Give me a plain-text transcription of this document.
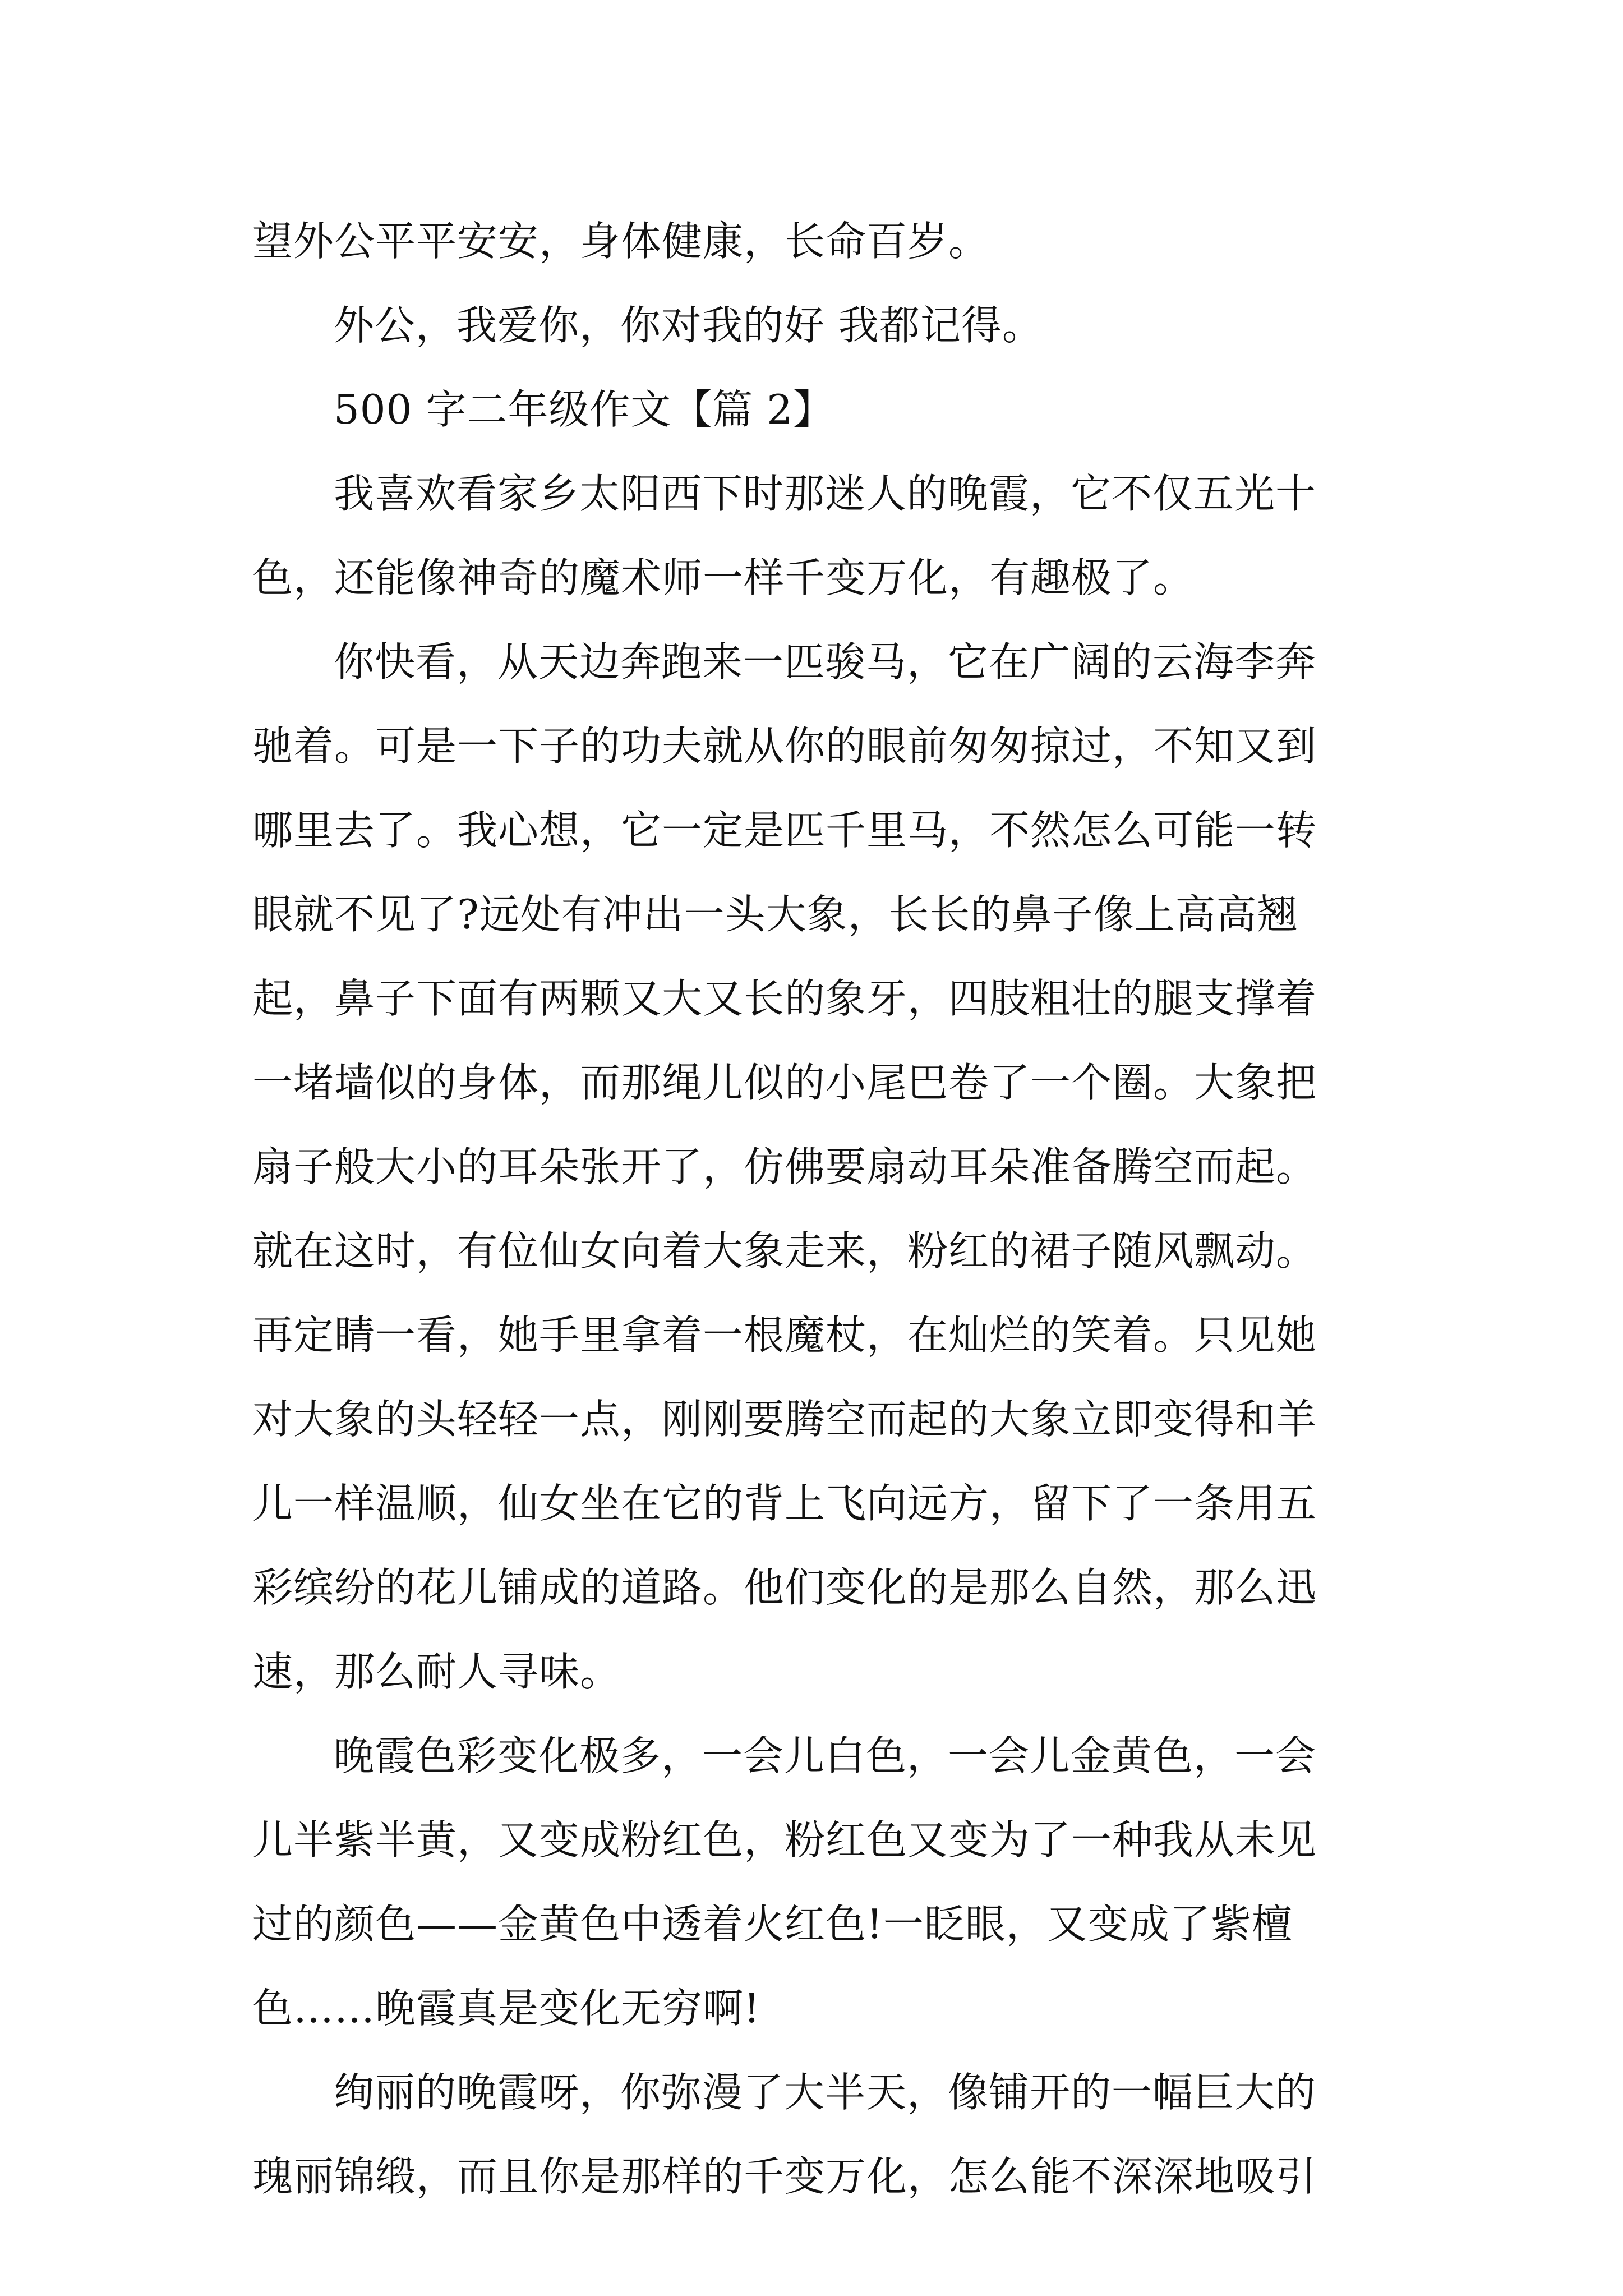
望外公平平安安，身体健康，长命百岁。
外公，我爱你，你对我的好 我都记得。
500 字二年级作文【篇 2】
我喜欢看家乡太阳西下时那迷人的晚霞，它不仅五光十
色，还能像神奇的魔术师一样千变万化，有趣极了。
你快看，从天边奔跑来一匹骏马，它在广阔的云海李奔
驰着。可是一下子的功夫就从你的眼前匆匆掠过，不知又到
哪里去了。我心想，它一定是匹千里马，不然怎么可能一转
眼就不见了?远处有冲出一头大象，长长的鼻子像上高高翘
起，鼻子下面有两颗又大又长的象牙，四肢粗壮的腿支撑着
一堵墙似的身体，而那绳儿似的小尾巴卷了一个圈。大象把
扇子般大小的耳朵张开了，仿佛要扇动耳朵准备腾空而起。
就在这时，有位仙女向着大象走来，粉红的裙子随风飘动。
再定睛一看，她手里拿着一根魔杖，在灿烂的笑着。只见她
对大象的头轻轻一点，刚刚要腾空而起的大象立即变得和羊
儿一样温顺，仙女坐在它的背上飞向远方，留下了一条用五
彩缤纷的花儿铺成的道路。他们变化的是那么自然，那么迅
速，那么耐人寻味。
晚霞色彩变化极多，一会儿白色，一会儿金黄色，一会
儿半紫半黄，又变成粉红色，粉红色又变为了一种我从未见
过的颜色——金黄色中透着火红色!一眨眼，又变成了紫檀
色……晚霞真是变化无穷啊!
绚丽的晚霞呀，你弥漫了大半天，像铺开的一幅巨大的
瑰丽锦缎，而且你是那样的千变万化，怎么能不深深地吸引
